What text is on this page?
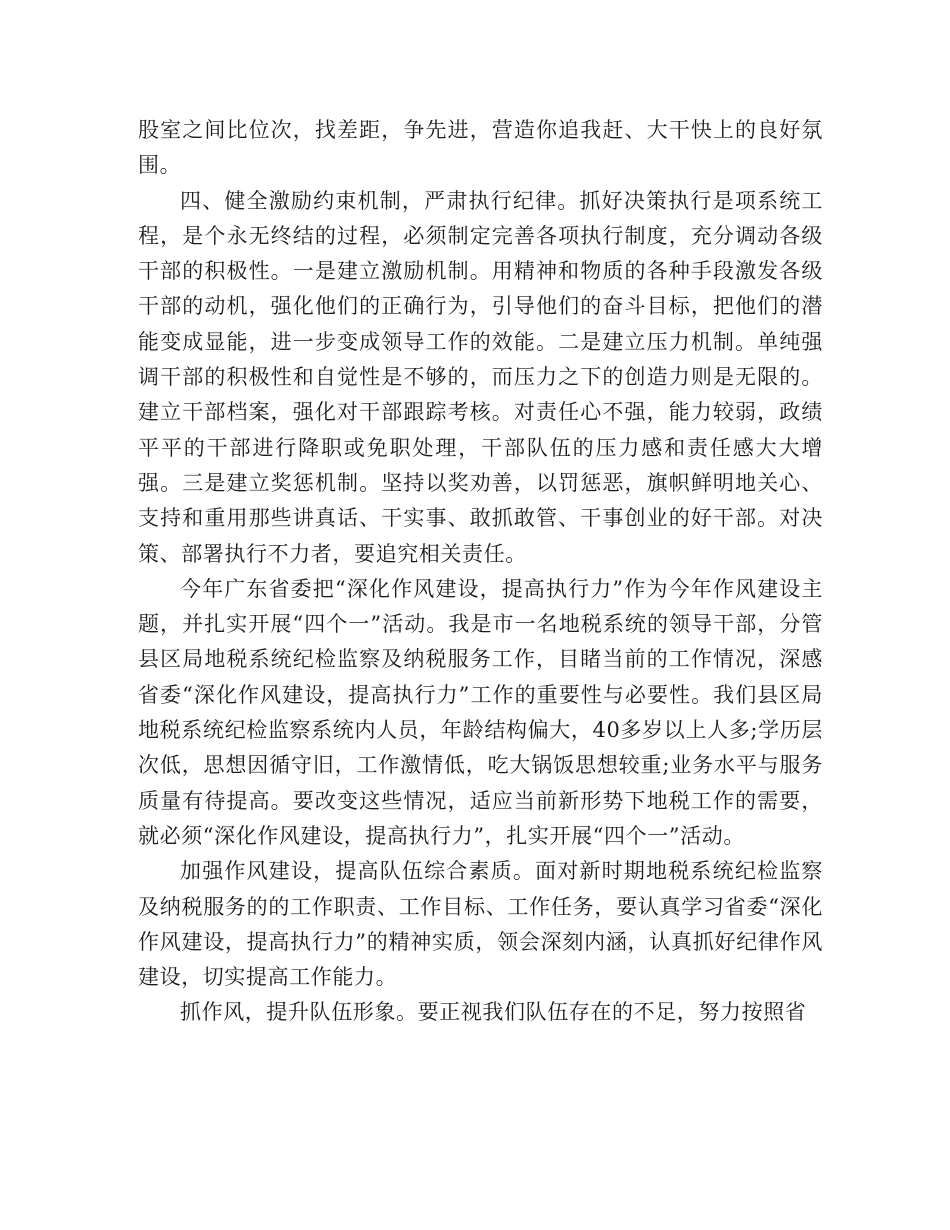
股室之间比位次，找差距，争先进，营造你追我赶、大干快上的良好氛围。

四、健全激励约束机制，严肃执行纪律。抓好决策执行是项系统工程，是个永无终结的过程，必须制定完善各项执行制度，充分调动各级干部的积极性。一是建立激励机制。用精神和物质的各种手段激发各级干部的动机，强化他们的正确行为，引导他们的奋斗目标，把他们的潜能变成显能，进一步变成领导工作的效能。二是建立压力机制。单纯强调干部的积极性和自觉性是不够的，而压力之下的创造力则是无限的。建立干部档案，强化对干部跟踪考核。对责任心不强，能力较弱，政绩平平的干部进行降职或免职处理，干部队伍的压力感和责任感大大增强。三是建立奖惩机制。坚持以奖劝善，以罚惩恶，旗帜鲜明地关心、支持和重用那些讲真话、干实事、敢抓敢管、干事创业的好干部。对决策、部署执行不力者，要追究相关责任。

今年广东省委把“深化作风建设，提高执行力”作为今年作风建设主题，并扎实开展“四个一”活动。我是市一名地税系统的领导干部，分管县区局地税系统纪检监察及纳税服务工作，目睹当前的工作情况，深感省委“深化作风建设，提高执行力”工作的重要性与必要性。我们县区局地税系统纪检监察系统内人员，年龄结构偏大，40多岁以上人多;学历层次低，思想因循守旧，工作激情低，吃大锅饭思想较重;业务水平与服务质量有待提高。要改变这些情况，适应当前新形势下地税工作的需要，就必须“深化作风建设，提高执行力”，扎实开展“四个一”活动。

加强作风建设，提高队伍综合素质。面对新时期地税系统纪检监察及纳税服务的的工作职责、工作目标、工作任务，要认真学习省委“深化作风建设，提高执行力”的精神实质，领会深刻内涵，认真抓好纪律作风建设，切实提高工作能力。

抓作风，提升队伍形象。要正视我们队伍存在的不足，努力按照省
